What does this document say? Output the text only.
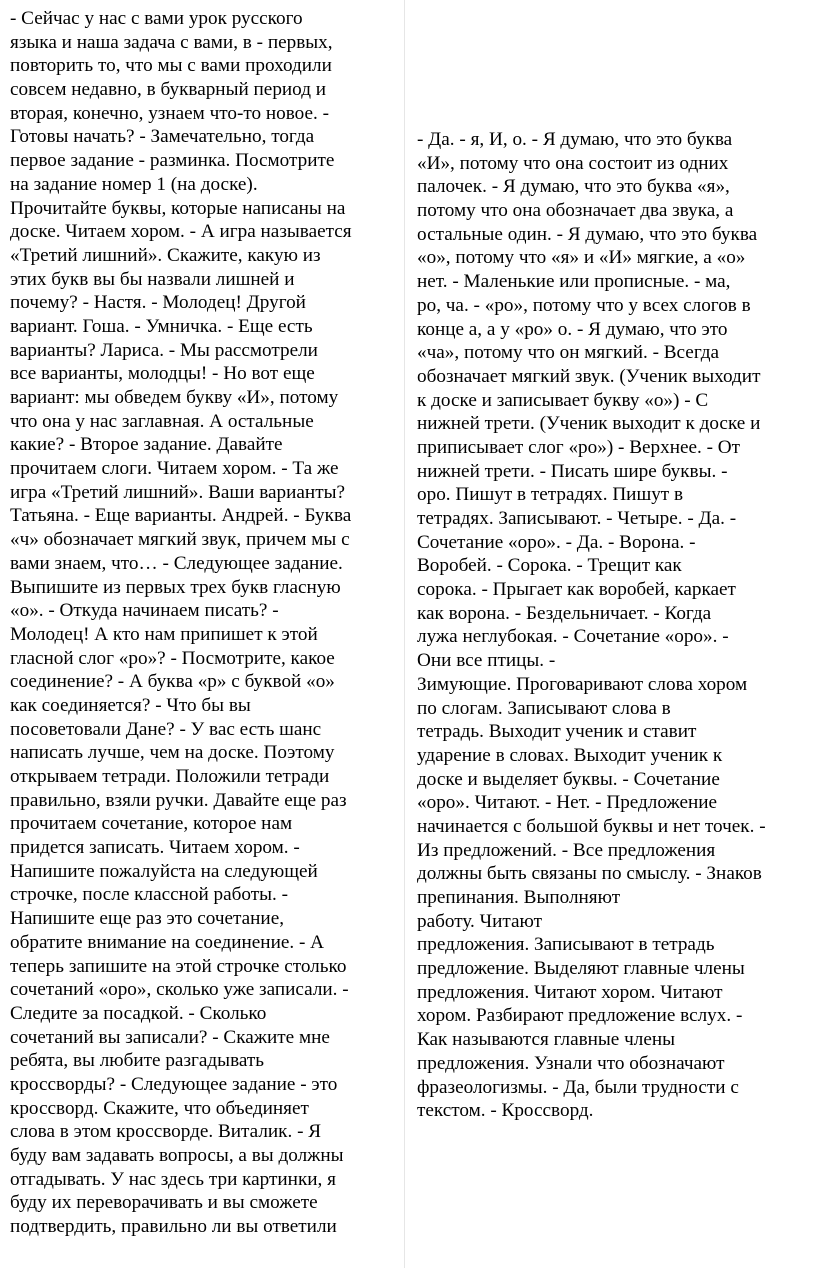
- Сейчас у нас с вами урок русского
языка и наша задача с вами, в - первых,
повторить то, что мы с вами проходили
совсем недавно, в букварный период и
вторая, конечно, узнаем что-то новое. -
Готовы начать? - Замечательно, тогда
первое задание - разминка. Посмотрите
на задание номер 1 (на доске).
Прочитайте буквы, которые написаны на
доске. Читаем хором. - А игра называется
«Третий лишний». Скажите, какую из
этих букв вы бы назвали лишней и
почему? - Настя. - Молодец! Другой
вариант. Гоша. - Умничка. - Еще есть
варианты? Лариса. - Мы рассмотрели
все варианты, молодцы! - Но вот еще
вариант: мы обведем букву «И», потому
что она у нас заглавная. А остальные
какие? - Второе задание. Давайте
прочитаем слоги. Читаем хором. - Та же
игра «Третий лишний». Ваши варианты?
Татьяна. - Еще варианты. Андрей. - Буква
«ч» обозначает мягкий звук, причем мы с
вами знаем, что… - Следующее задание.
Выпишите из первых трех букв гласную
«о». - Откуда начинаем писать? -
Молодец! А кто нам припишет к этой
гласной слог «ро»? - Посмотрите, какое
соединение? - А буква «р» с буквой «о»
как соединяется? - Что бы вы
посоветовали Дане? - У вас есть шанс
написать лучше, чем на доске. Поэтому
открываем тетради. Положили тетради
правильно, взяли ручки. Давайте еще раз
прочитаем сочетание, которое нам
придется записать. Читаем хором. -
Напишите пожалуйста на следующей
строчке, после классной работы. -
Напишите еще раз это сочетание,
обратите внимание на соединение. - А
теперь запишите на этой строчке столько
сочетаний «оро», сколько уже записали. -
Следите за посадкой. - Сколько
сочетаний вы записали? - Скажите мне
ребята, вы любите разгадывать
кроссворды? - Следующее задание - это
кроссворд. Скажите, что объединяет
слова в этом кроссворде. Виталик. - Я
буду вам задавать вопросы, а вы должны
отгадывать. У нас здесь три картинки, я
буду их переворачивать и вы сможете
подтвердить, правильно ли вы ответили
- Да. - я, И, о. - Я думаю, что это буква
«И», потому что она состоит из одних
палочек. - Я думаю, что это буква «я»,
потому что она обозначает два звука, а
остальные один. - Я думаю, что это буква
«о», потому что «я» и «И» мягкие, а «о»
нет. - Маленькие или прописные. - ма,
ро, ча. - «ро», потому что у всех слогов в
конце а, а у «ро» о. - Я думаю, что это
«ча», потому что он мягкий. - Всегда
обозначает мягкий звук. (Ученик выходит
к доске и записывает букву «о») - С
нижней трети. (Ученик выходит к доске и
приписывает слог «ро») - Верхнее. - От
нижней трети. - Писать шире буквы. -
оро. Пишут в тетрадях. Пишут в
тетрадях. Записывают. - Четыре. - Да. -
Сочетание «оро». - Да. - Ворона. -
Воробей. - Сорока. - Трещит как
сорока. - Прыгает как воробей, каркает
как ворона. - Бездельничает. - Когда
лужа неглубокая. - Сочетание «оро». -
Они все птицы. -
Зимующие. Проговаривают слова хором
по слогам. Записывают слова в
тетрадь. Выходит ученик и ставит
ударение в словах. Выходит ученик к
доске и выделяет буквы. - Сочетание
«оро». Читают. - Нет. - Предложение
начинается с большой буквы и нет точек. -
Из предложений. - Все предложения
должны быть связаны по смыслу. - Знаков
препинания. Выполняют
работу. Читают
предложения. Записывают в тетрадь
предложение. Выделяют главные члены
предложения. Читают хором. Читают
хором. Разбирают предложение вслух. -
Как называются главные члены
предложения. Узнали что обозначают
фразеологизмы. - Да, были трудности с
текстом. - Кроссворд.
